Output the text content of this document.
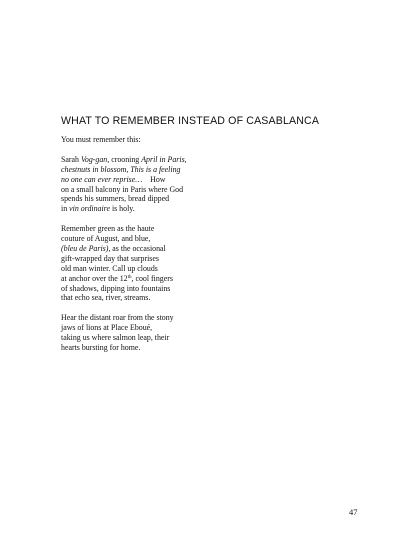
WHAT TO REMEMBER INSTEAD OF CASABLANCA
You must remember this:
Sarah Vog-gan, crooning April in Paris,
chestnuts in blossom, This is a feeling
no one can ever reprise…    How
on a small balcony in Paris where God
spends his summers, bread dipped
in vin ordinaire is holy.
Remember green as the haute
couture of August, and blue,
(bleu de Paris), as the occasional
gift-wrapped day that surprises
old man winter. Call up clouds
at anchor over the 12th, cool fingers
of shadows, dipping into fountains
that echo sea, river, streams.
Hear the distant roar from the stony
jaws of lions at Place Eboué,
taking us where salmon leap, their
hearts bursting for home.
47
